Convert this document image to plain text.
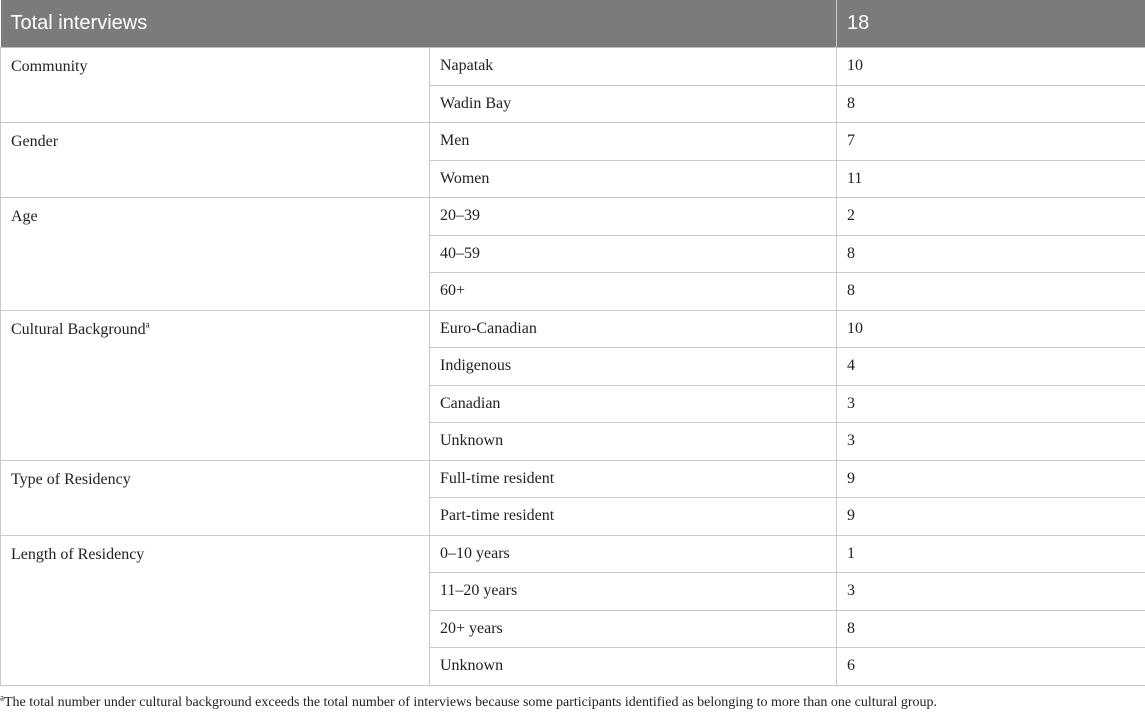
Total interviews		18
Community	Napatak	10
	Wadin Bay	8
Gender	Men	7
	Women	11
Age	20–39	2
	40–59	8
	60+	8
Cultural Background$^a$	Euro-Canadian	10
	Indigenous	4
	Canadian	3
	Unknown	3
Type of Residency	Full-time resident	9
	Part-time resident	9
Length of Residency	0–10 years	1
	11–20 years	3
	20+ years	8
	Unknown	6
$^a$The total number under cultural background exceeds the total number of interviews because some participants identified as belonging to more than one cultural group.
